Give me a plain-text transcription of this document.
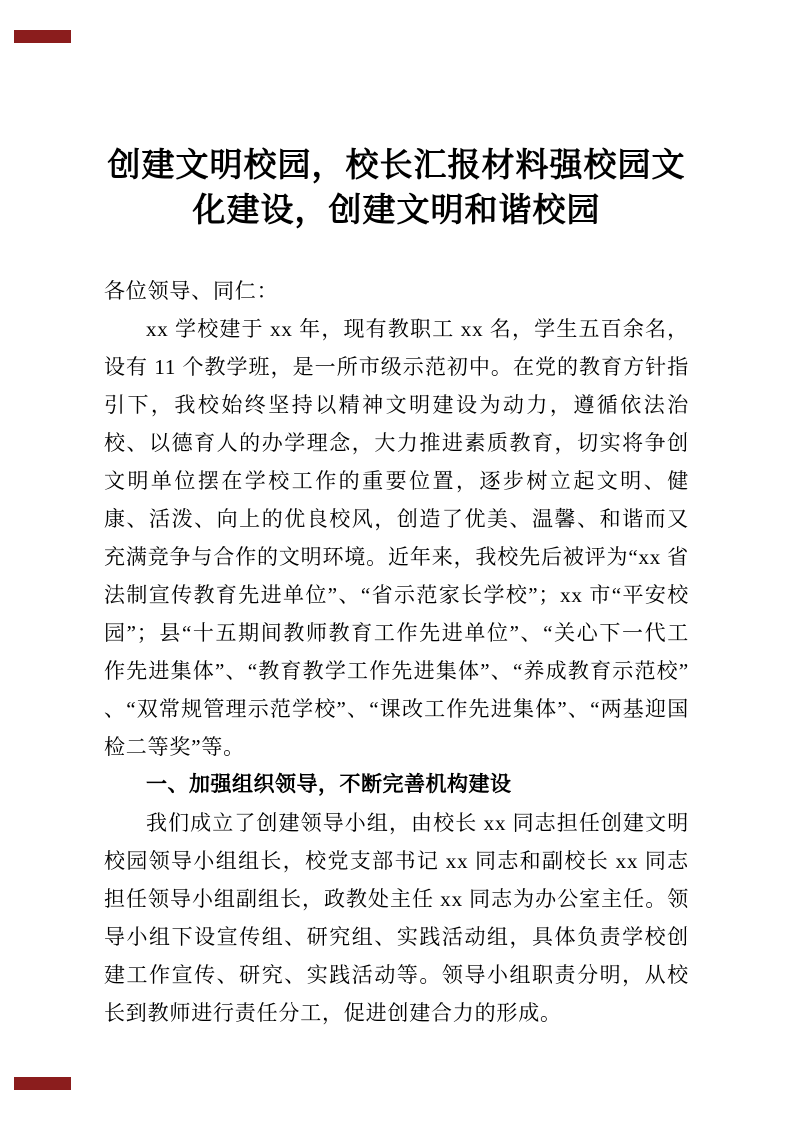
创建文明校园，校长汇报材料强校园文
化建设，创建文明和谐校园

各位领导、同仁：

xx 学校建于 xx 年，现有教职工 xx 名，学生五百余名，设有 11 个教学班，是一所市级示范初中。在党的教育方针指引下，我校始终坚持以精神文明建设为动力，遵循依法治校、以德育人的办学理念，大力推进素质教育，切实将争创文明单位摆在学校工作的重要位置，逐步树立起文明、健康、活泼、向上的优良校风，创造了优美、温馨、和谐而又充满竞争与合作的文明环境。近年来，我校先后被评为“xx 省法制宣传教育先进单位”、“省示范家长学校”；xx 市“平安校园”；县“十五期间教师教育工作先进单位”、“关心下一代工作先进集体”、“教育教学工作先进集体”、“养成教育示范校” 、“双常规管理示范学校”、“课改工作先进集体”、“两基迎国检二等奖”等。

一、加强组织领导，不断完善机构建设

我们成立了创建领导小组，由校长 xx 同志担任创建文明校园领导小组组长，校党支部书记 xx 同志和副校长 xx 同志担任领导小组副组长，政教处主任 xx 同志为办公室主任。领导小组下设宣传组、研究组、实践活动组，具体负责学校创建工作宣传、研究、实践活动等。领导小组职责分明，从校长到教师进行责任分工，促进创建合力的形成。
